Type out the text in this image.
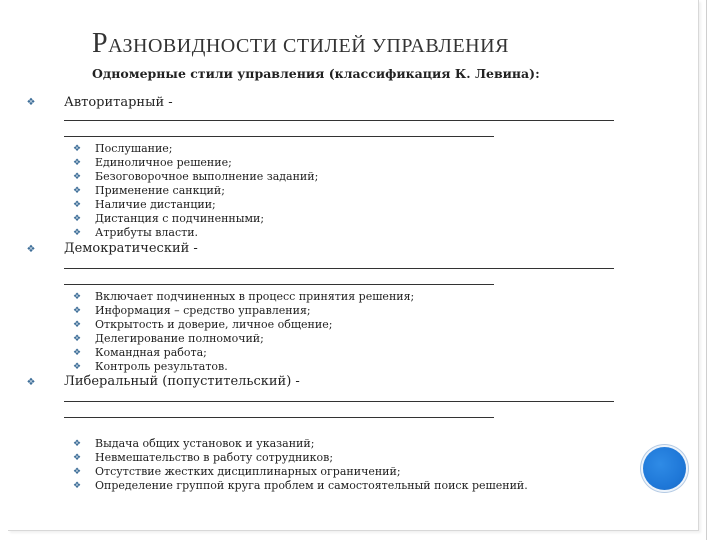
РАЗНОВИДНОСТИ СТИЛЕЙ УПРАВЛЕНИЯ
Одномерные стили управления (классификация К. Левина):
❖ Авторитарный -
❖ Послушание;
❖ Единоличное решение;
❖ Безоговорочное выполнение заданий;
❖ Применение санкций;
❖ Наличие дистанции;
❖ Дистанция с подчиненными;
❖ Атрибуты власти.
❖ Демократический -
❖ Включает подчиненных в процесс принятия решения;
❖ Информация – средство управления;
❖ Открытость и доверие, личное общение;
❖ Делегирование полномочий;
❖ Командная работа;
❖ Контроль результатов.
❖ Либеральный (попустительский) -
❖ Выдача общих установок и указаний;
❖ Невмешательство в работу сотрудников;
❖ Отсутствие жестких дисциплинарных ограничений;
❖ Определение группой круга проблем и самостоятельный поиск решений.
